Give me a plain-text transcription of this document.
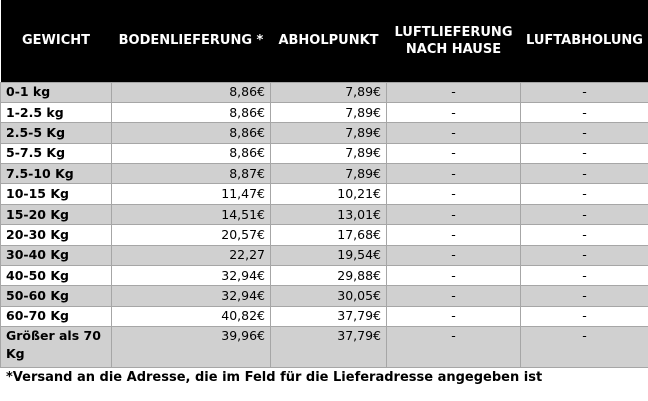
GEWICHT	BODENLIEFERUNG *	ABHOLPUNKT	LUFTLIEFERUNG NACH HAUSE	LUFTABHOLUNG
0-1 kg	8,86€	7,89€	-	-
1-2.5 kg	8,86€	7,89€	-	-
2.5-5 Kg	8,86€	7,89€	-	-
5-7.5 Kg	8,86€	7,89€	-	-
7.5-10 Kg	8,87€	7,89€	-	-
10-15 Kg	11,47€	10,21€	-	-
15-20 Kg	14,51€	13,01€	-	-
20-30 Kg	20,57€	17,68€	-	-
30-40 Kg	22,27	19,54€	-	-
40-50 Kg	32,94€	29,88€	-	-
50-60 Kg	32,94€	30,05€	-	-
60-70 Kg	40,82€	37,79€	-	-
Größer als 70 Kg	39,96€	37,79€	-	-
*Versand an die Adresse, die im Feld für die Lieferadresse angegeben ist
